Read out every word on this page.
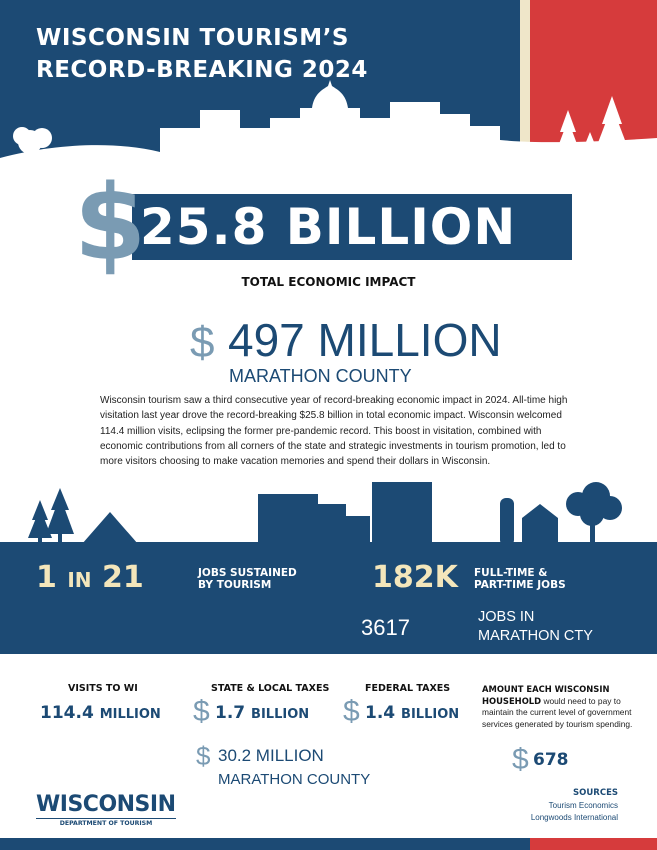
WISCONSIN TOURISM’S
RECORD-BREAKING 2024
$
25.8 BILLION
TOTAL ECONOMIC IMPACT
$ 497 MILLION
MARATHON COUNTY

Wisconsin tourism saw a third consecutive year of record-breaking economic impact in 2024. All-time high visitation last year drove the record-breaking $25.8 billion in total economic impact. Wisconsin welcomed 114.4 million visits, eclipsing the former pre-pandemic record. This boost in visitation, combined with economic contributions from all corners of the state and strategic investments in tourism promotion, led to more visitors choosing to make vacation memories and spend their dollars in Wisconsin.

1 IN 21	JOBS SUSTAINED
BY TOURISM	182K FULL-TIME &
PART-TIME JOBS
3617	JOBS IN
MARATHON CTY
VISITS TO WI
114.4 MILLION
STATE & LOCAL TAXES
$ 1.7 BILLION
FEDERAL TAXES
$ 1.4 BILLION
$ 30.2 MILLION
MARATHON COUNTY
AMOUNT EACH WISCONSIN
HOUSEHOLD would need to pay to maintain the current level of government services generated by tourism spending.
$ 678
SOURCES
Tourism Economics
Longwoods International
WISCONSIN
DEPARTMENT OF TOURISM
